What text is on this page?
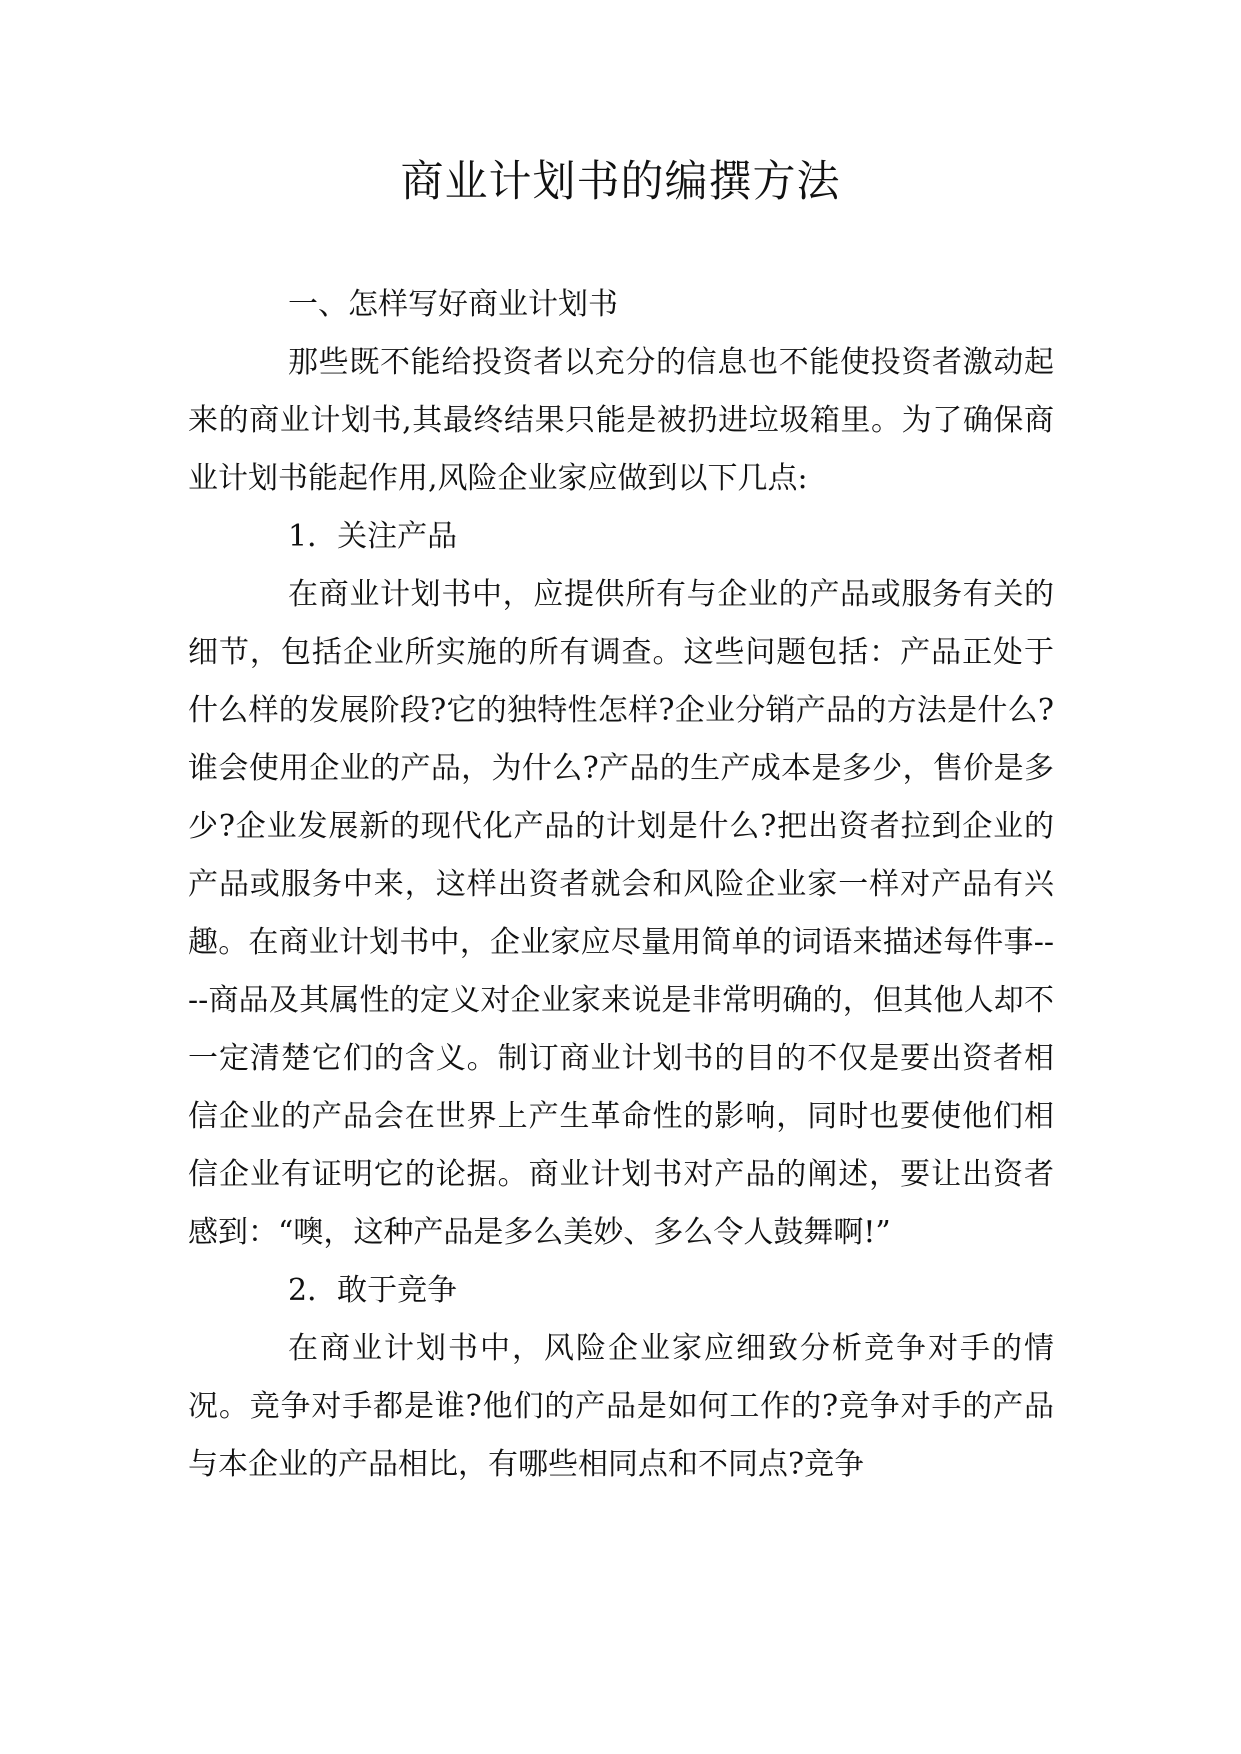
商业计划书的编撰方法

一、怎样写好商业计划书

那些既不能给投资者以充分的信息也不能使投资者激动起来的商业计划书,其最终结果只能是被扔进垃圾箱里。为了确保商业计划书能起作用,风险企业家应做到以下几点:

1．关注产品

在商业计划书中，应提供所有与企业的产品或服务有关的细节，包括企业所实施的所有调查。这些问题包括：产品正处于什么样的发展阶段?它的独特性怎样?企业分销产品的方法是什么?谁会使用企业的产品，为什么?产品的生产成本是多少，售价是多少?企业发展新的现代化产品的计划是什么?把出资者拉到企业的产品或服务中来，这样出资者就会和风险企业家一样对产品有兴趣。在商业计划书中，企业家应尽量用简单的词语来描述每件事----商品及其属性的定义对企业家来说是非常明确的，但其他人却不一定清楚它们的含义。制订商业计划书的目的不仅是要出资者相信企业的产品会在世界上产生革命性的影响，同时也要使他们相信企业有证明它的论据。商业计划书对产品的阐述，要让出资者感到：“噢，这种产品是多么美妙、多么令人鼓舞啊!”

2．敢于竞争

在商业计划书中，风险企业家应细致分析竞争对手的情况。竞争对手都是谁?他们的产品是如何工作的?竞争对手的产品与本企业的产品相比，有哪些相同点和不同点?竞争
